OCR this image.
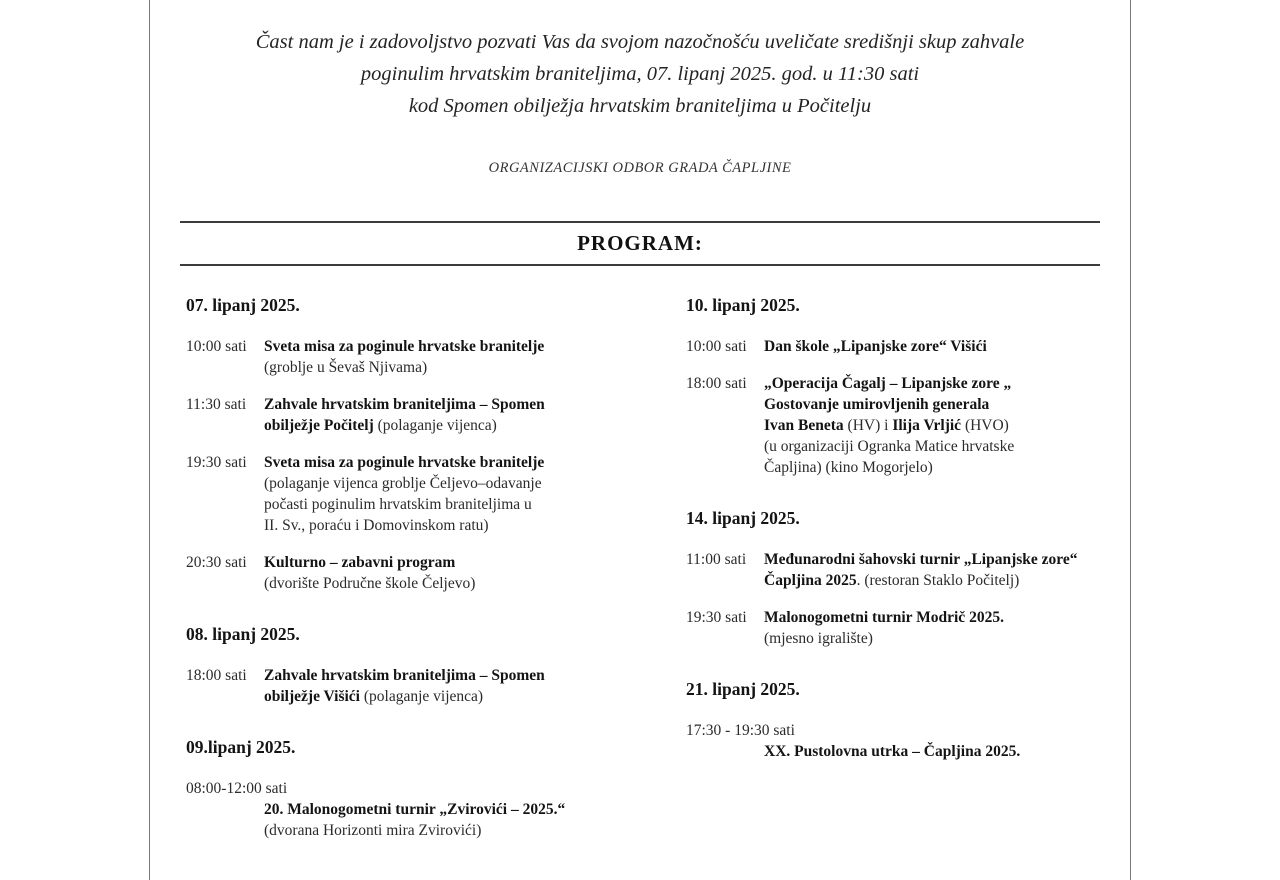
Čast nam je i zadovoljstvo pozvati Vas da svojom nazočnošću uveličate središnji skup zahvale
poginulim hrvatskim braniteljima, 07. lipanj 2025. god. u 11:30 sati
kod Spomen obilježja hrvatskim braniteljima u Počitelju
ORGANIZACIJSKI ODBOR GRADA ČAPLJINE
PROGRAM:
07. lipanj 2025.
10:00 sati	Sveta misa za poginule hrvatske branitelje
(groblje u Ševaš Njivama)
11:30 sati	Zahvale hrvatskim braniteljima – Spomen
obilježje Počitelj (polaganje vijenca)
19:30 sati	Sveta misa za poginule hrvatske branitelje
(polaganje vijenca groblje Čeljevo–odavanje
počasti poginulim hrvatskim braniteljima u
II. Sv., poraću i Domovinskom ratu)
20:30 sati	Kulturno – zabavni program
(dvorište Područne škole Čeljevo)
08. lipanj 2025.
18:00 sati	Zahvale hrvatskim braniteljima – Spomen
obilježje Višići (polaganje vijenca)
09.lipanj 2025.
08:00-12:00 sati
20. Malonogometni turnir „Zvirovići – 2025.“
(dvorana Horizonti mira Zvirovići)
10. lipanj 2025.
10:00 sati	Dan škole „Lipanjske zore“ Višići
18:00 sati	„Operacija Čagalj – Lipanjske zore „
Gostovanje umirovljenih generala
Ivan Beneta (HV) i Ilija Vrljić (HVO)
(u organizaciji Ogranka Matice hrvatske
Čapljina) (kino Mogorjelo)
14. lipanj 2025.
11:00 sati	Međunarodni šahovski turnir „Lipanjske zore“
Čapljina 2025. (restoran Staklo Počitelj)
19:30 sati	Malonogometni turnir Modrič 2025.
(mjesno igralište)
21. lipanj 2025.
17:30 - 19:30 sati
XX. Pustolovna utrka – Čapljina 2025.
